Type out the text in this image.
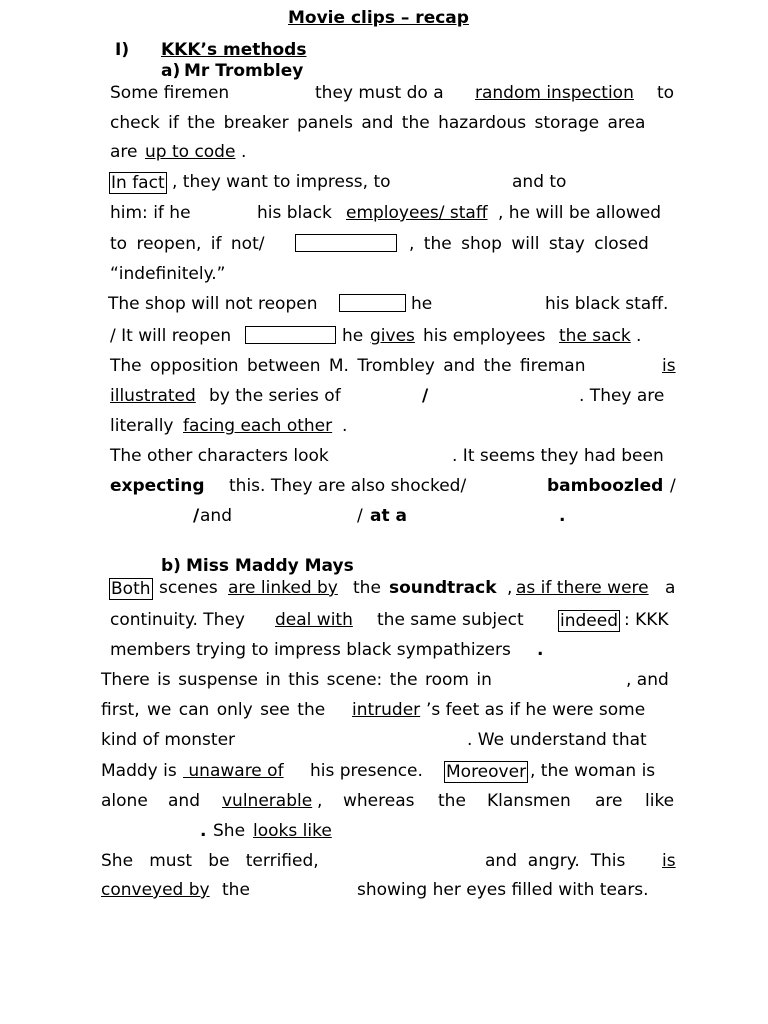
Movie clips – recap
I) KKK’s methods
a) Mr Trombley
Some firemen	they must do a random inspection to
check if the breaker panels and the hazardous storage area
are up to code .
In fact , they want to impress, to	and to
him: if he	his black employees/ staff , he will be allowed
to reopen, if not/	, the shop will stay closed
“indefinitely.”
The shop will not reopen	he	his black staff.
/ It will reopen	he gives his employees the sack .
The opposition between M. Trombley and the fireman	is
illustrated by the series of	/	. They are
literally facing each other .
The other characters look	. It seems they had been
expecting this. They are also shocked/	bamboozled /
/ and	/ at a	.
b) Miss Maddy Mays
Both scenes are linked by the soundtrack , as if there were a
continuity. They deal with the same subject indeed : KKK
members trying to impress black sympathizers .
There is suspense in this scene: the room in	, and
first, we can only see the intruder ’s feet as if he were some
kind of monster	. We understand that
Maddy is unaware of his presence. Moreover , the woman is
alone and vulnerable , whereas the Klansmen are like
. She looks like
She   must   be   terrified,	and  angry.  This is
conveyed by the	showing her eyes filled with tears.
